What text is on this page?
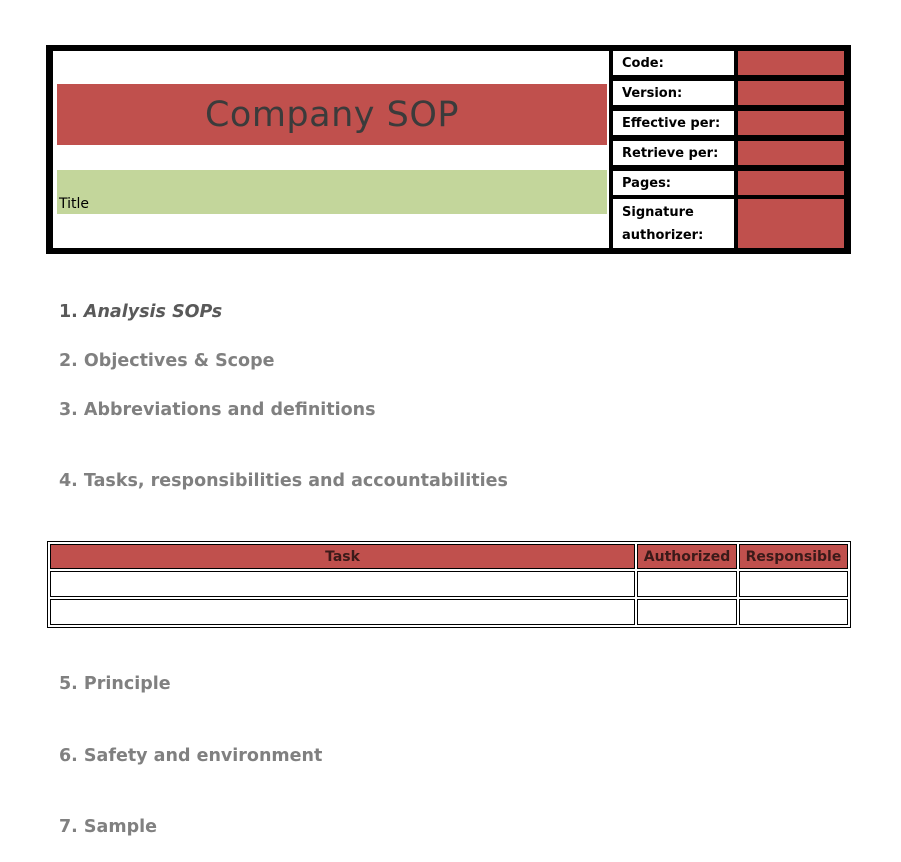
Company SOP
Title
Code:
Version:
Effective per:
Retrieve per:
Pages:
Signature
authorizer:
1. Analysis SOPs
2. Objectives & Scope
3. Abbreviations and definitions
4. Tasks, responsibilities and accountabilities
Task	Authorized	Responsible
5. Principle
6. Safety and environment
7. Sample
